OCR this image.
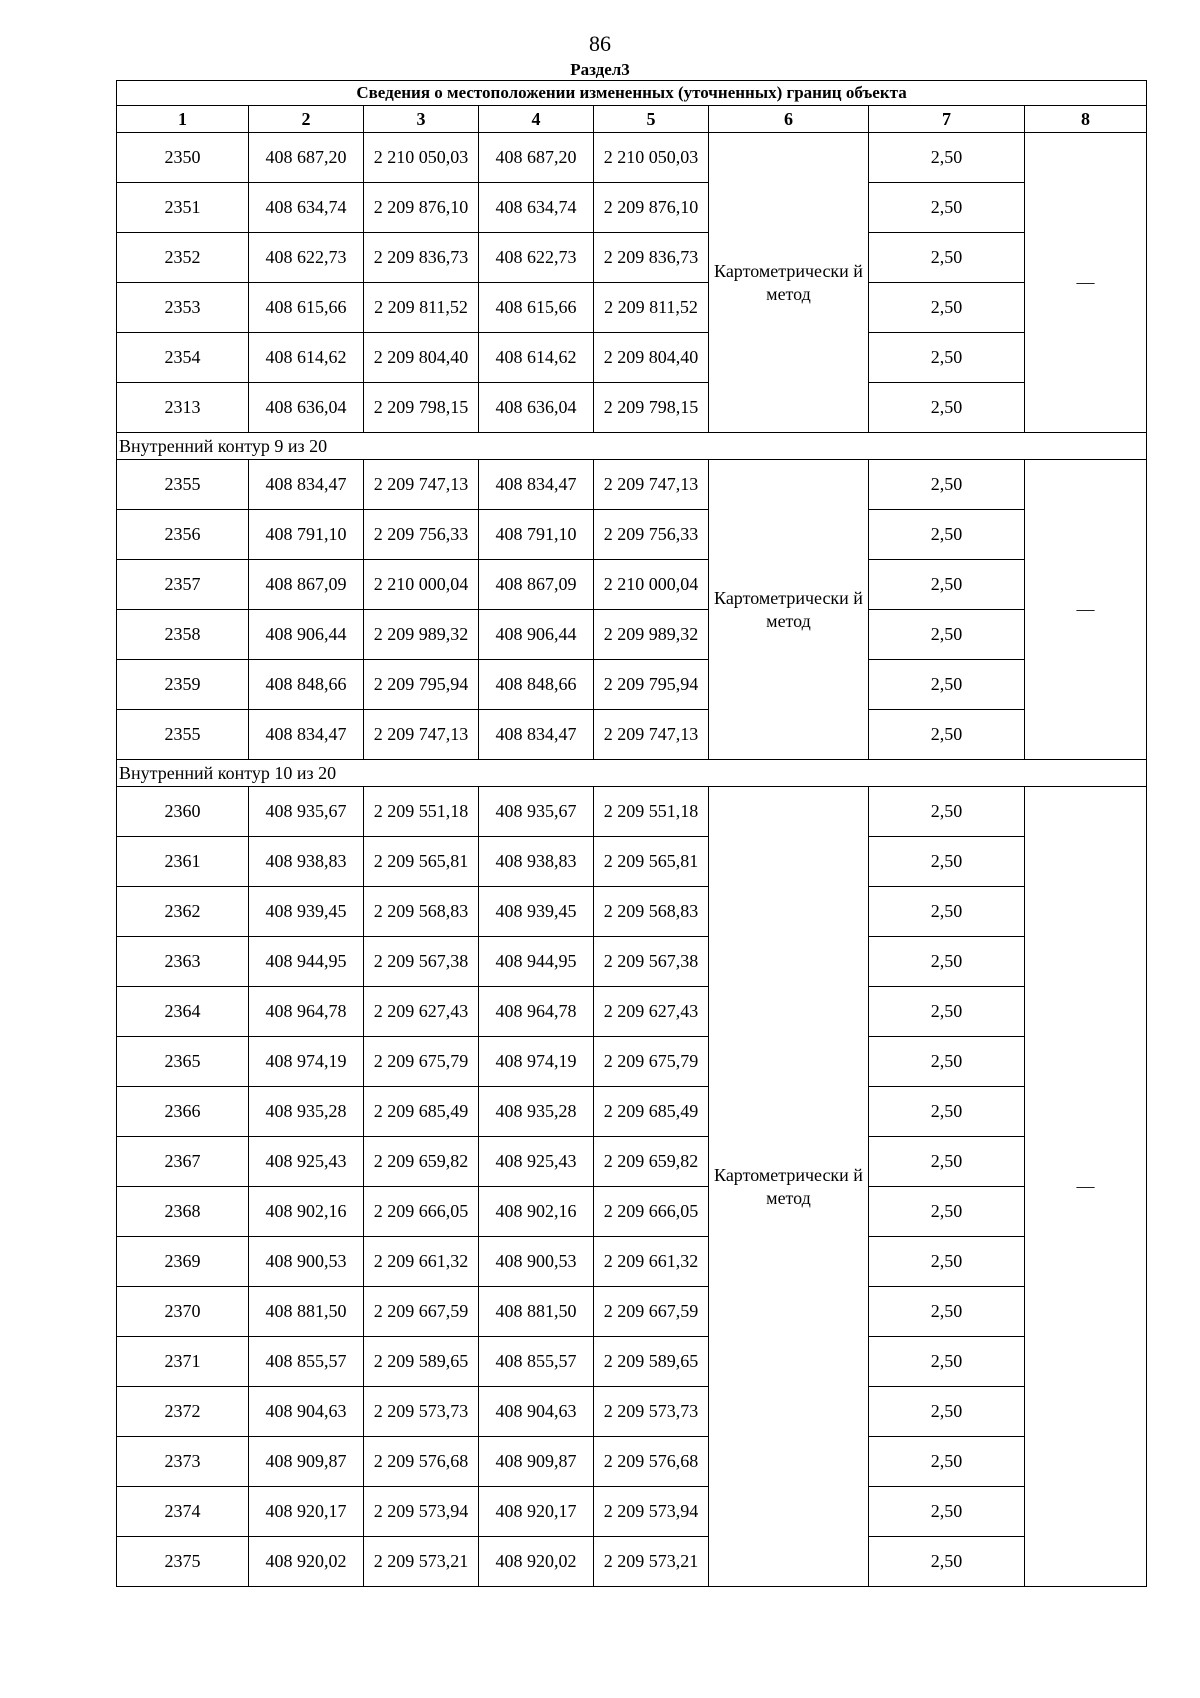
86
Раздел3
Сведения о местоположении измененных (уточненных) границ объекта							
1	2	3	4	5	6	7	8
2350	408 687,20	2 210 050,03	408 687,20	2 210 050,03	Картометрически й метод	2,50	—
2351	408 634,74	2 209 876,10	408 634,74	2 209 876,10		2,50	
2352	408 622,73	2 209 836,73	408 622,73	2 209 836,73		2,50	
2353	408 615,66	2 209 811,52	408 615,66	2 209 811,52		2,50	
2354	408 614,62	2 209 804,40	408 614,62	2 209 804,40		2,50	
2313	408 636,04	2 209 798,15	408 636,04	2 209 798,15		2,50	
Внутренний контур 9 из 20							
2355	408 834,47	2 209 747,13	408 834,47	2 209 747,13	Картометрически й метод	2,50	—
2356	408 791,10	2 209 756,33	408 791,10	2 209 756,33		2,50	
2357	408 867,09	2 210 000,04	408 867,09	2 210 000,04		2,50	
2358	408 906,44	2 209 989,32	408 906,44	2 209 989,32		2,50	
2359	408 848,66	2 209 795,94	408 848,66	2 209 795,94		2,50	
2355	408 834,47	2 209 747,13	408 834,47	2 209 747,13		2,50	
Внутренний контур 10 из 20							
2360	408 935,67	2 209 551,18	408 935,67	2 209 551,18	Картометрически й метод	2,50	—
2361	408 938,83	2 209 565,81	408 938,83	2 209 565,81		2,50	
2362	408 939,45	2 209 568,83	408 939,45	2 209 568,83		2,50	
2363	408 944,95	2 209 567,38	408 944,95	2 209 567,38		2,50	
2364	408 964,78	2 209 627,43	408 964,78	2 209 627,43		2,50	
2365	408 974,19	2 209 675,79	408 974,19	2 209 675,79		2,50	
2366	408 935,28	2 209 685,49	408 935,28	2 209 685,49		2,50	
2367	408 925,43	2 209 659,82	408 925,43	2 209 659,82		2,50	
2368	408 902,16	2 209 666,05	408 902,16	2 209 666,05		2,50	
2369	408 900,53	2 209 661,32	408 900,53	2 209 661,32		2,50	
2370	408 881,50	2 209 667,59	408 881,50	2 209 667,59		2,50	
2371	408 855,57	2 209 589,65	408 855,57	2 209 589,65		2,50	
2372	408 904,63	2 209 573,73	408 904,63	2 209 573,73		2,50	
2373	408 909,87	2 209 576,68	408 909,87	2 209 576,68		2,50	
2374	408 920,17	2 209 573,94	408 920,17	2 209 573,94		2,50	
2375	408 920,02	2 209 573,21	408 920,02	2 209 573,21		2,50	
